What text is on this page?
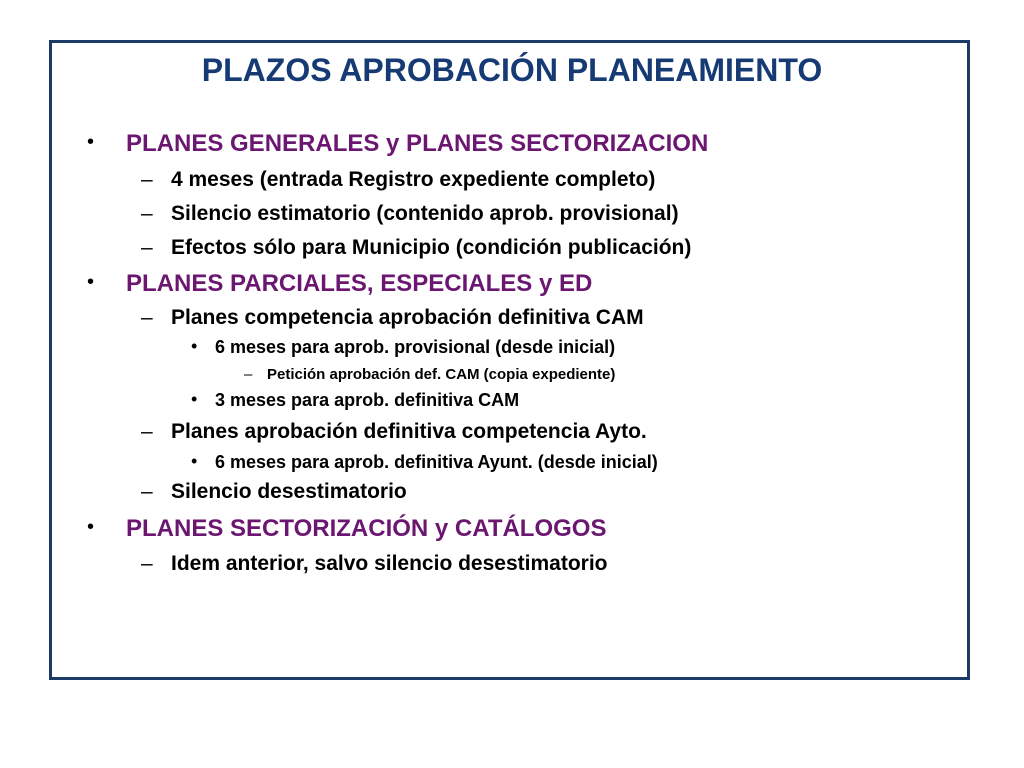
PLAZOS APROBACIÓN PLANEAMIENTO
• PLANES GENERALES y PLANES SECTORIZACION
– 4 meses (entrada Registro expediente completo)
– Silencio estimatorio (contenido aprob. provisional)
– Efectos sólo para Municipio (condición publicación)
• PLANES PARCIALES, ESPECIALES y ED
– Planes competencia aprobación definitiva CAM
• 6 meses para aprob. provisional (desde inicial)
– Petición aprobación def. CAM (copia expediente)
• 3 meses para aprob. definitiva CAM
– Planes aprobación definitiva competencia Ayto.
• 6 meses para aprob. definitiva Ayunt. (desde inicial)
– Silencio desestimatorio
• PLANES SECTORIZACIÓN y CATÁLOGOS
– Idem anterior, salvo silencio desestimatorio
